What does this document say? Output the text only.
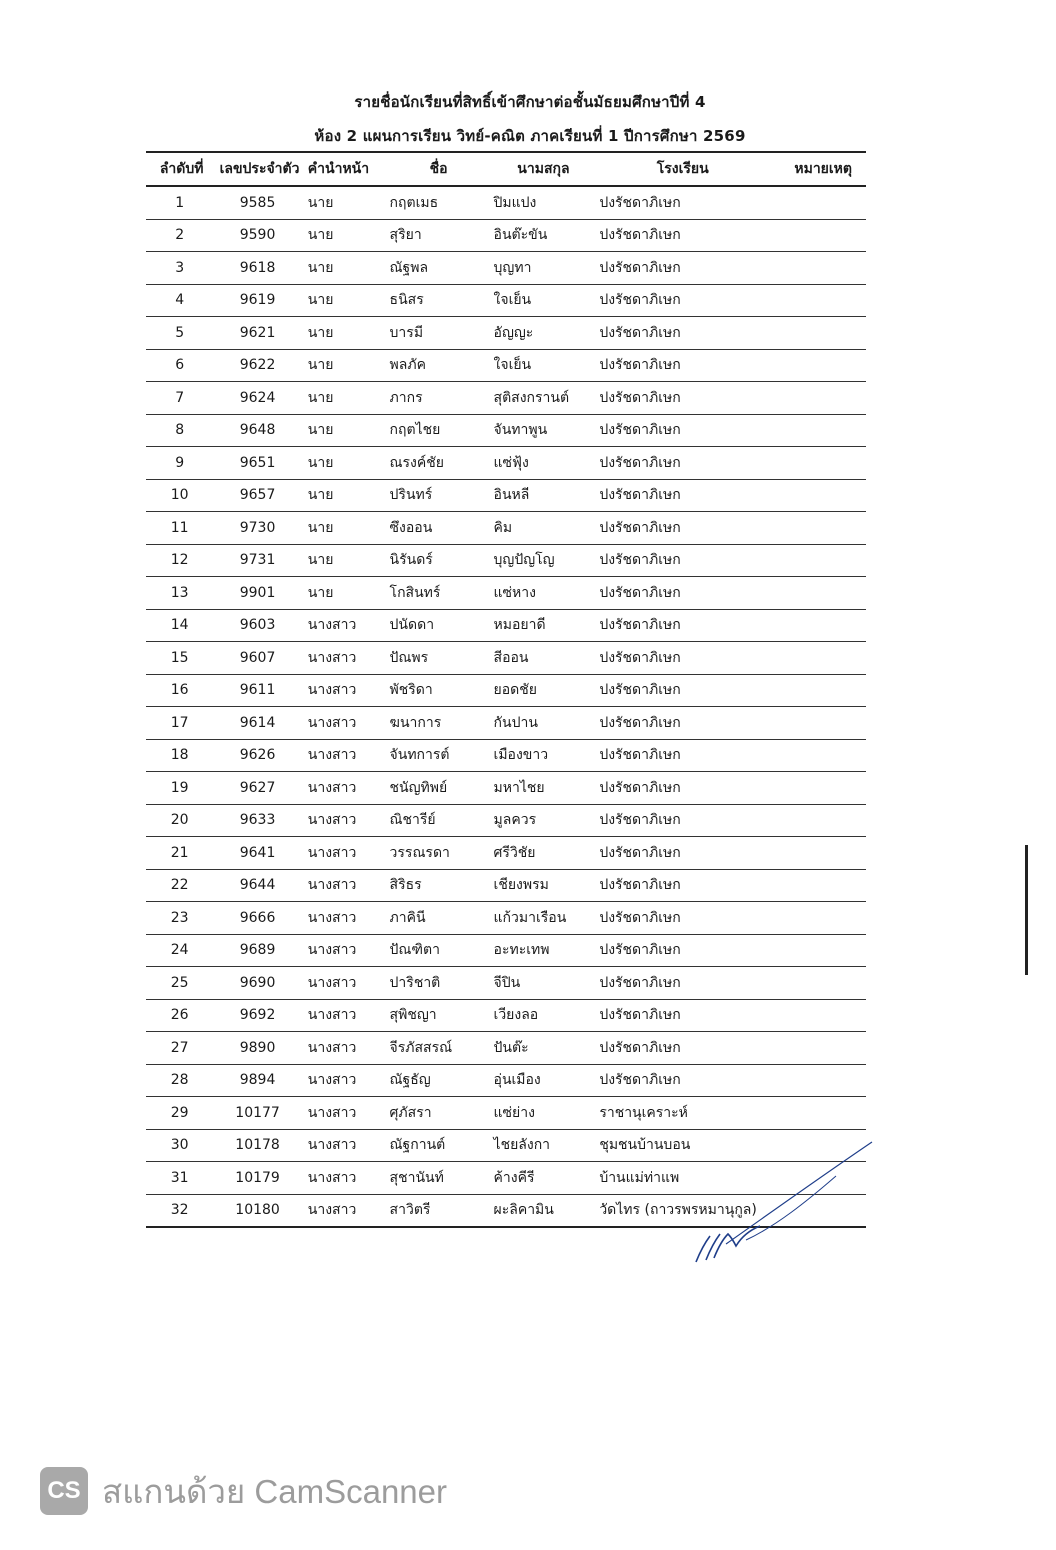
รายชื่อนักเรียนที่สิทธิ์เข้าศึกษาต่อชั้นมัธยมศึกษาปีที่ 4
ห้อง 2 แผนการเรียน วิทย์-คณิต ภาคเรียนที่ 1 ปีการศึกษา 2569
ลำดับที่	เลขประจำตัว	คำนำหน้า	ชื่อ	นามสกุล	โรงเรียน	หมายเหตุ
1	9585	นาย	กฤตเมธ	ปิมแปง	ปงรัชดาภิเษก	
2	9590	นาย	สุริยา	อินต๊ะขัน	ปงรัชดาภิเษก	
3	9618	นาย	ณัฐพล	บุญทา	ปงรัชดาภิเษก	
4	9619	นาย	ธนิสร	ใจเย็น	ปงรัชดาภิเษก	
5	9621	นาย	บารมี	อัญญะ	ปงรัชดาภิเษก	
6	9622	นาย	พลภัค	ใจเย็น	ปงรัชดาภิเษก	
7	9624	นาย	ภากร	สุติสงกรานต์	ปงรัชดาภิเษก	
8	9648	นาย	กฤตไชย	จันทาพูน	ปงรัชดาภิเษก	
9	9651	นาย	ณรงค์ชัย	แซ่ฟุ้ง	ปงรัชดาภิเษก	
10	9657	นาย	ปรินทร์	อินหลี	ปงรัชดาภิเษก	
11	9730	นาย	ซึงออน	คิม	ปงรัชดาภิเษก	
12	9731	นาย	นิรันดร์	บุญปัญโญ	ปงรัชดาภิเษก	
13	9901	นาย	โกสินทร์	แซ่หาง	ปงรัชดาภิเษก	
14	9603	นางสาว	ปนัดดา	หมอยาดี	ปงรัชดาภิเษก	
15	9607	นางสาว	ปัณพร	สีออน	ปงรัชดาภิเษก	
16	9611	นางสาว	พัชริดา	ยอดชัย	ปงรัชดาภิเษก	
17	9614	นางสาว	ฆนาการ	กันปาน	ปงรัชดาภิเษก	
18	9626	นางสาว	จันทการต์	เมืองขาว	ปงรัชดาภิเษก	
19	9627	นางสาว	ชนัญทิพย์	มหาไชย	ปงรัชดาภิเษก	
20	9633	นางสาว	ณิชารีย์	มูลควร	ปงรัชดาภิเษก	
21	9641	นางสาว	วรรณรดา	ศรีวิชัย	ปงรัชดาภิเษก	
22	9644	นางสาว	สิริธร	เชียงพรม	ปงรัชดาภิเษก	
23	9666	นางสาว	ภาคินี	แก้วมาเรือน	ปงรัชดาภิเษก	
24	9689	นางสาว	ปัณฑิตา	อะทะเทพ	ปงรัชดาภิเษก	
25	9690	นางสาว	ปาริชาติ	จีปิน	ปงรัชดาภิเษก	
26	9692	นางสาว	สุพิชญา	เวียงลอ	ปงรัชดาภิเษก	
27	9890	นางสาว	จีรภัสสรณ์	ปันต๊ะ	ปงรัชดาภิเษก	
28	9894	นางสาว	ณัฐธัญ	อุ่นเมือง	ปงรัชดาภิเษก	
29	10177	นางสาว	ศุภัสรา	แซ่ย่าง	ราชานุเคราะห์	
30	10178	นางสาว	ณัฐกานต์	ไชยลังกา	ชุมชนบ้านบอน	
31	10179	นางสาว	สุชานันท์	ค้างคีรี	บ้านแม่ท่าแพ	
32	10180	นางสาว	สาวิตรี	ผะลิคามิน	วัดไทร (ถาวรพรหมานุกูล)	
CS สแกนด้วย CamScanner
